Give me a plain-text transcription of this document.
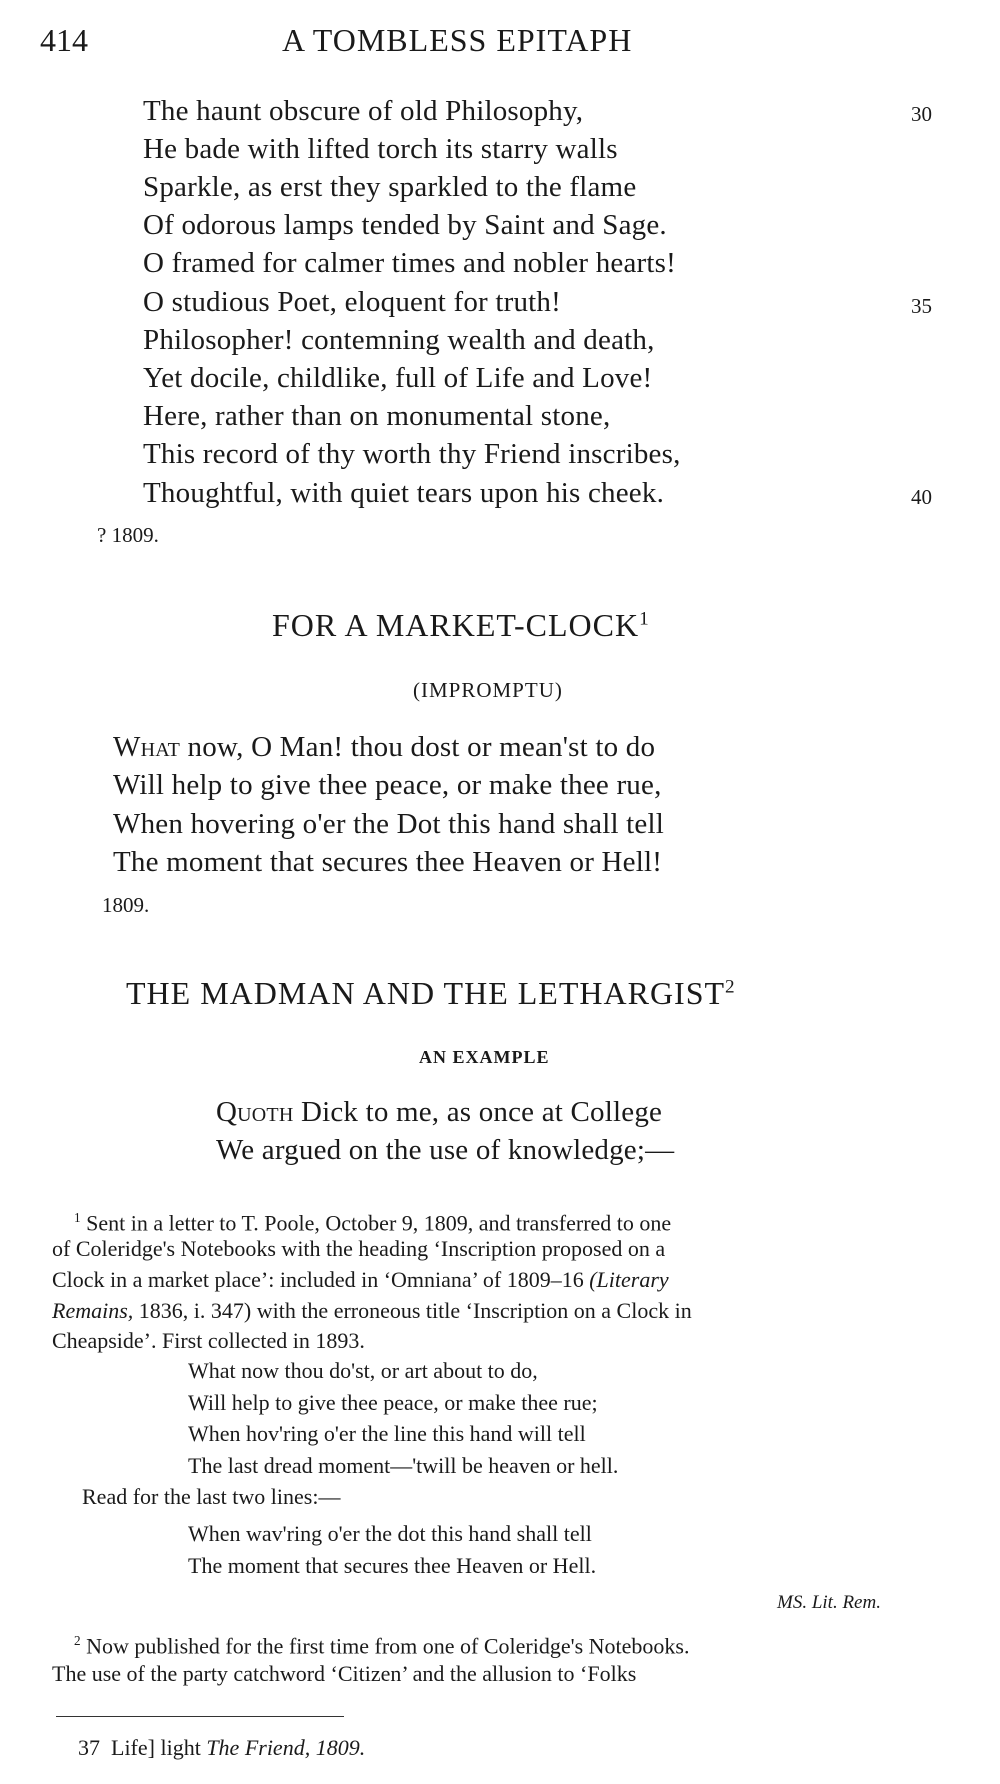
414	A TOMBLESS EPITAPH
The haunt obscure of old Philosophy,
He bade with lifted torch its starry walls
Sparkle, as erst they sparkled to the flame
Of odorous lamps tended by Saint and Sage.
O framed for calmer times and nobler hearts!
O studious Poet, eloquent for truth!
Philosopher! contemning wealth and death,
Yet docile, childlike, full of Life and Love!
Here, rather than on monumental stone,
This record of thy worth thy Friend inscribes,
Thoughtful, with quiet tears upon his cheek.
30
35
40
? 1809.
FOR A MARKET-CLOCK$^1$
(IMPROMPTU)
What now, O Man! thou dost or mean'st to do
Will help to give thee peace, or make thee rue,
When hovering o'er the Dot this hand shall tell
The moment that secures thee Heaven or Hell!
1809.
THE MADMAN AND THE LETHARGIST$^2$
AN EXAMPLE
Quoth Dick to me, as once at College
We argued on the use of knowledge;—
$^1$ Sent in a letter to T. Poole, October 9, 1809, and transferred to one
of Coleridge's Notebooks with the heading ‘Inscription proposed on a
Clock in a market place’: included in ‘Omniana’ of 1809–16 (Literary
Remains, 1836, i. 347) with the erroneous title ‘Inscription on a Clock in
Cheapside’. First collected in 1893.
What now thou do'st, or art about to do,
Will help to give thee peace, or make thee rue;
When hov'ring o'er the line this hand will tell
The last dread moment—'twill be heaven or hell.
Read for the last two lines:—
When wav'ring o'er the dot this hand shall tell
The moment that secures thee Heaven or Hell.
MS. Lit. Rem.
$^2$ Now published for the first time from one of Coleridge's Notebooks.
The use of the party catchword ‘Citizen’ and the allusion to ‘Folks
37 Life] light The Friend, 1809.
